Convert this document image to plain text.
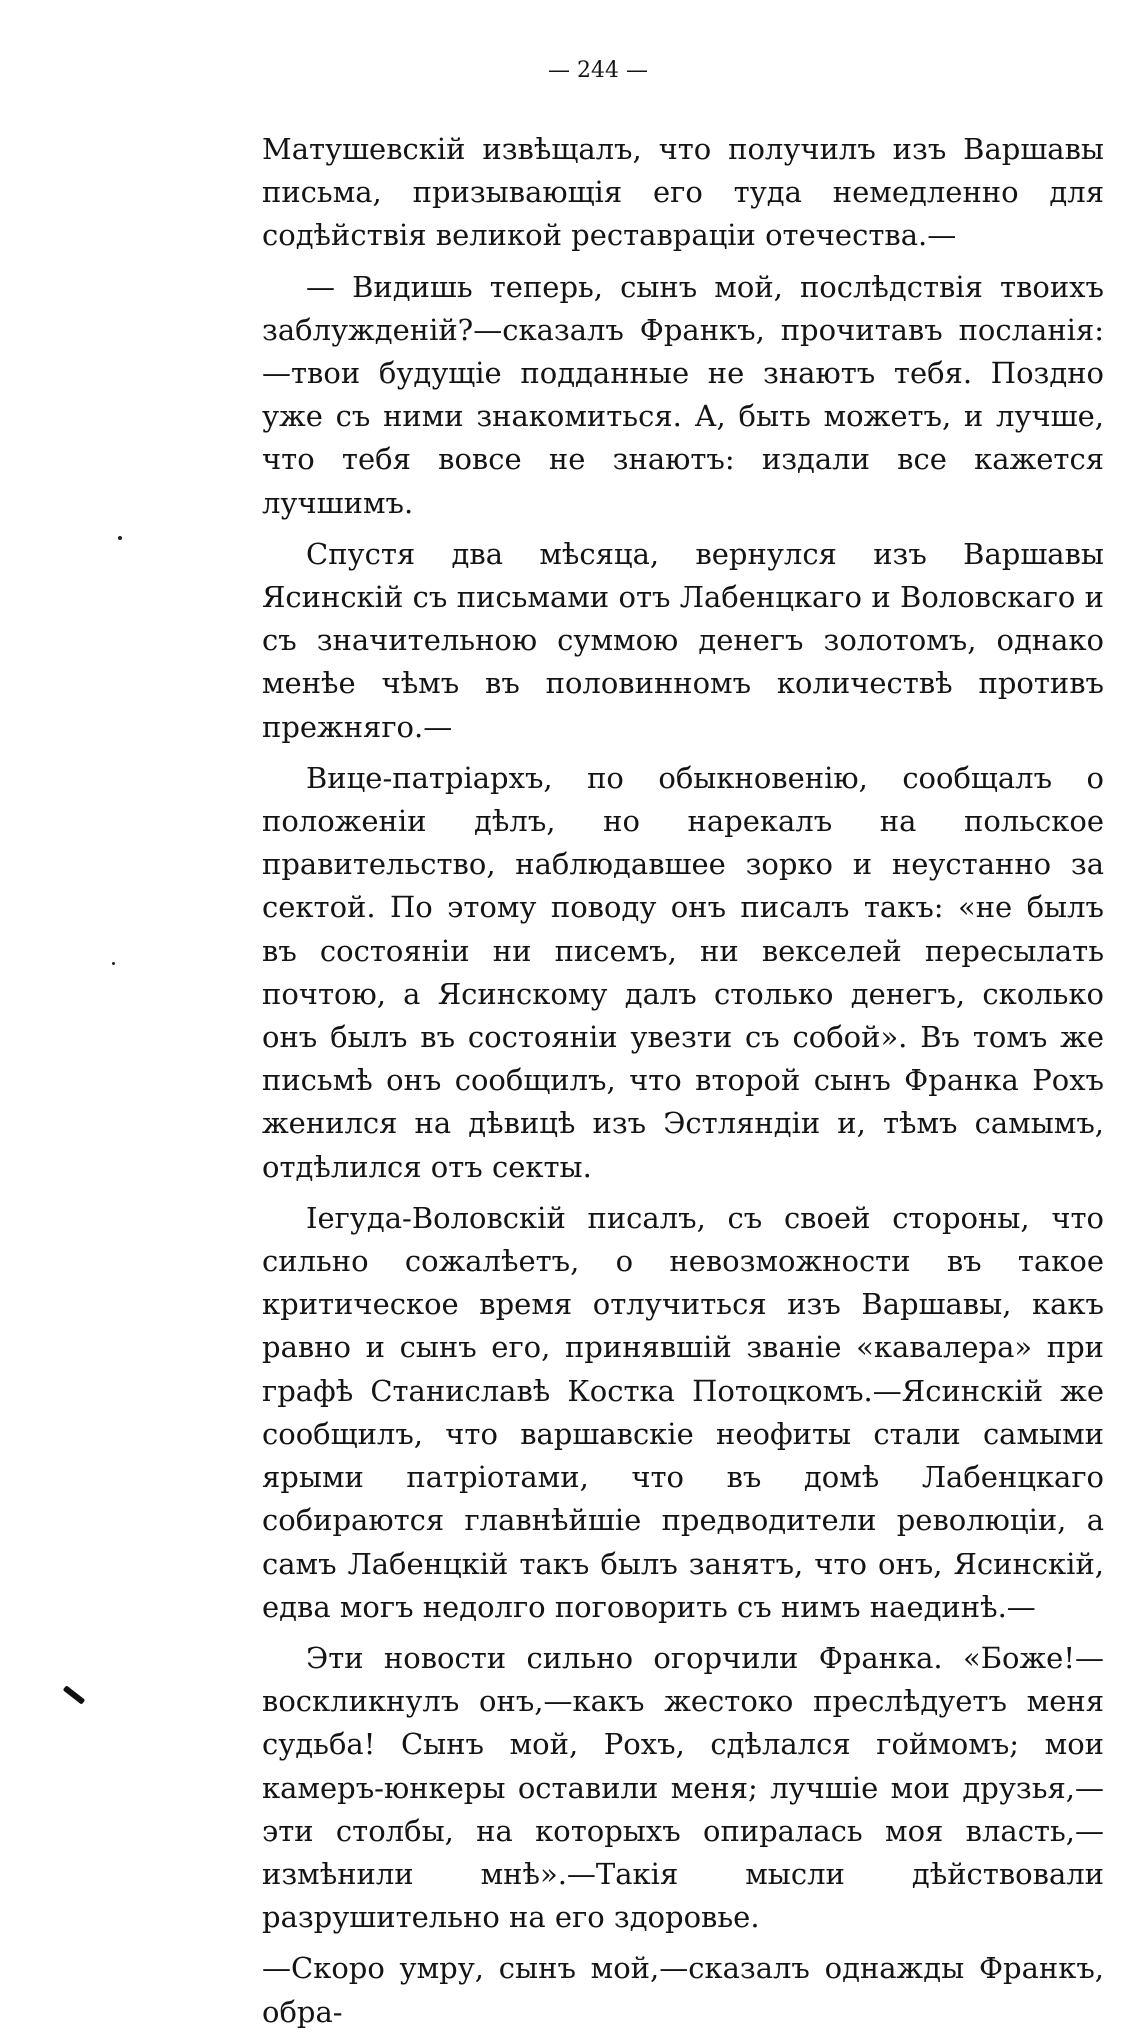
— 244 —

Матушевскій извѣщалъ, что получилъ изъ Варшавы письма, призывающія его туда немедленно для содѣйствія великой реставраціи отечества.—

— Видишь теперь, сынъ мой, послѣдствія твоихъ заблужденій?—сказалъ Франкъ, прочитавъ посланія:—твои будущіе подданные не знаютъ тебя. Поздно уже съ ними знакомиться. А, быть можетъ, и лучше, что тебя вовсе не знаютъ: издали все кажется лучшимъ.

Спустя два мѣсяца, вернулся изъ Варшавы Ясинскій съ письмами отъ Лабенцкаго и Воловскаго и съ значительною суммою денегъ золотомъ, однако менѣе чѣмъ въ половинномъ количествѣ противъ прежняго.—

Вице-патріархъ, по обыкновенію, сообщалъ о положеніи дѣлъ, но нарекалъ на польское правительство, наблюдавшее зорко и неустанно за сектой. По этому поводу онъ писалъ такъ: «не былъ въ состояніи ни писемъ, ни векселей пересылать почтою, а Ясинскому далъ столько денегъ, сколько онъ былъ въ состояніи увезти съ собой». Въ томъ же письмѣ онъ сообщилъ, что второй сынъ Франка Рохъ женился на дѣвицѣ изъ Эстляндіи и, тѣмъ самымъ, отдѣлился отъ секты.

Іегуда-Воловскій писалъ, съ своей стороны, что сильно сожалѣетъ, о невозможности въ такое критическое время отлучиться изъ Варшавы, какъ равно и сынъ его, принявшій званіе «кавалера» при графѣ Станиславѣ Костка Потоцкомъ.—Ясинскій же сообщилъ, что варшавскіе неофиты стали самыми ярыми патріотами, что въ домѣ Лабенцкаго собираются главнѣйшіе предводители революціи, а самъ Лабенцкій такъ былъ занятъ, что онъ, Ясинскій, едва могъ недолго поговорить съ нимъ наединѣ.—

Эти новости сильно огорчили Франка. «Боже!—воскликнулъ онъ,—какъ жестоко преслѣдуетъ меня судьба! Сынъ мой, Рохъ, сдѣлался гоймомъ; мои камеръ-юнкеры оставили меня; лучшіе мои друзья,—эти столбы, на которыхъ опиралась моя власть,—измѣнили мнѣ».—Такія мысли дѣйствовали разрушительно на его здоровье.

—Скоро умру, сынъ мой,—сказалъ однажды Франкъ, обра-
